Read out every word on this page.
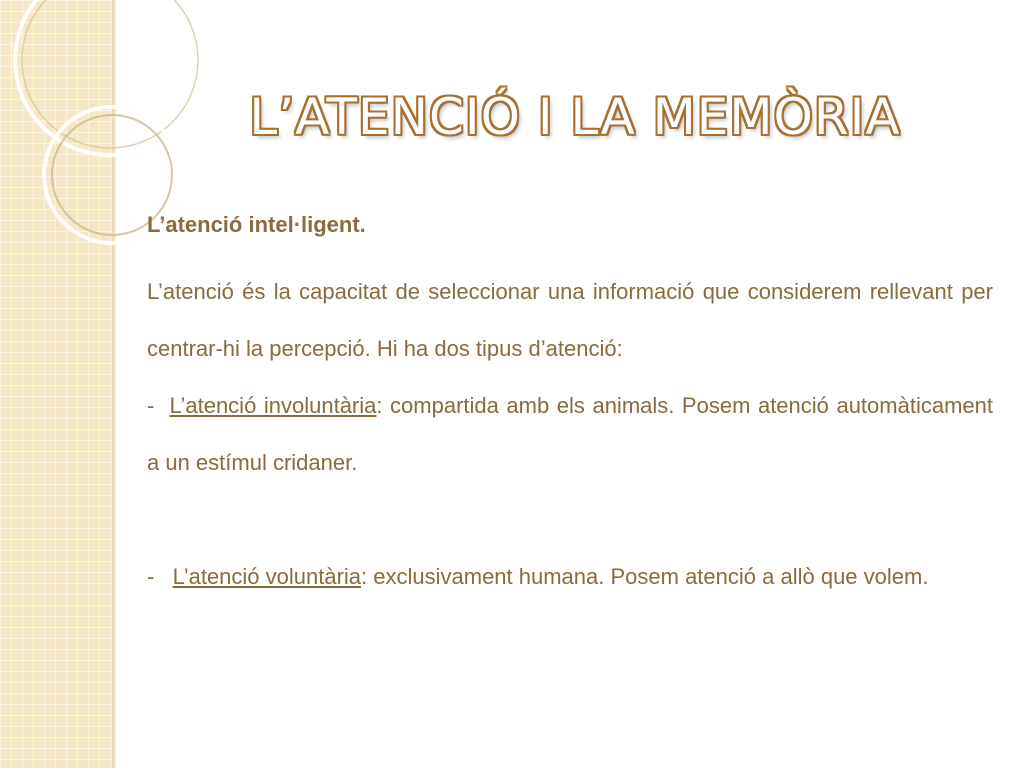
L’ATENCIÓ I LA MEMÒRIA
L’atenció intel·ligent.

L’atenció és la capacitat de seleccionar una informació que considerem rellevant per centrar-hi la percepció. Hi ha dos tipus d’atenció:

- L’atenció involuntària: compartida amb els animals. Posem atenció automàticament a un estímul cridaner.

- L’atenció voluntària: exclusivament humana. Posem atenció a allò que volem.
